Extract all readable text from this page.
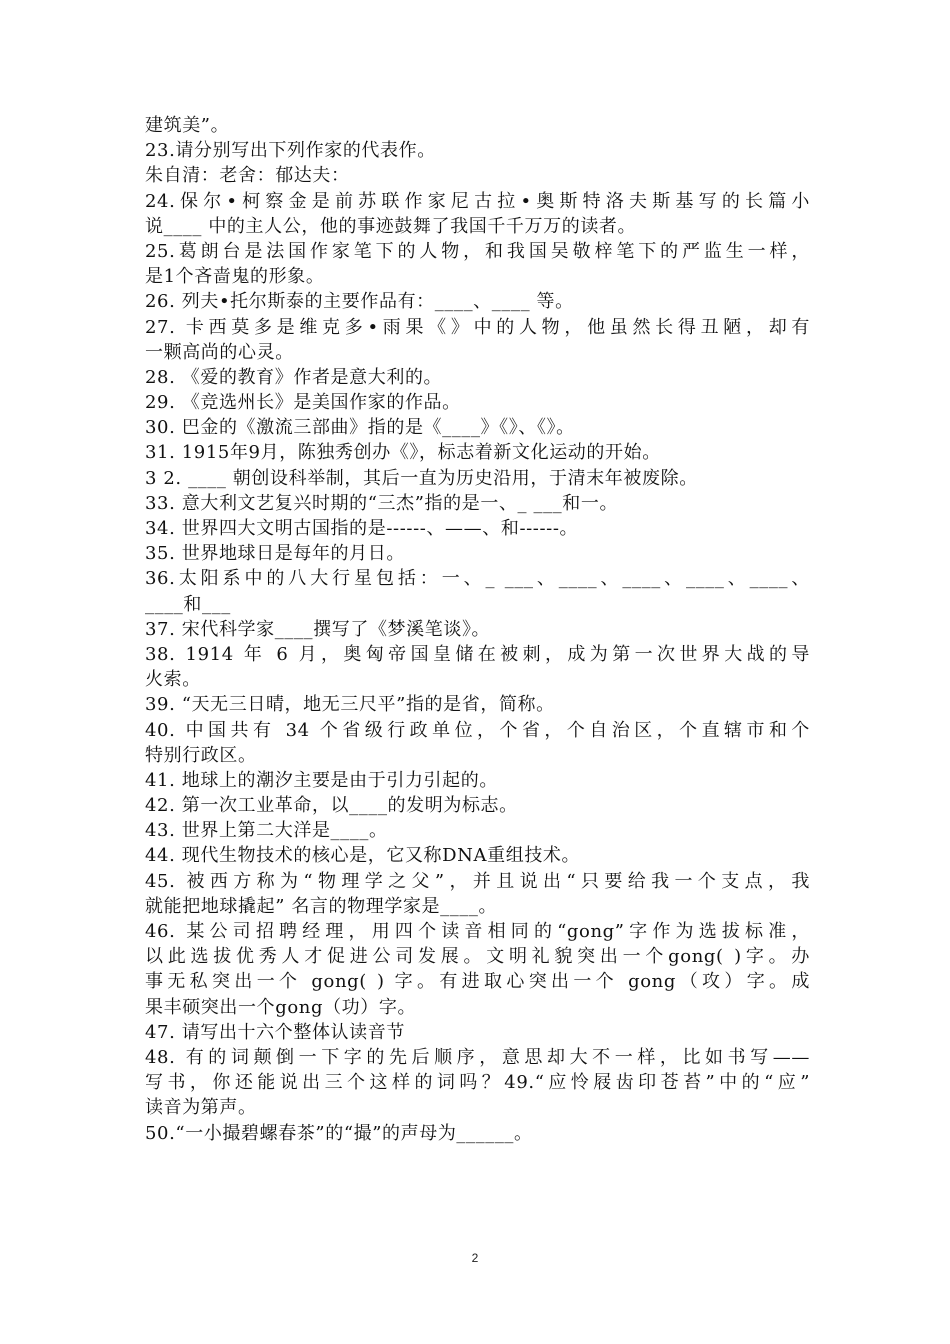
建筑美”。
23.请分别写出下列作家的代表作。
朱自清：老舍：郁达夫：
24.保尔•柯察金是前苏联作家尼古拉•奥斯特洛夫斯基写的长篇小
说____ 中的主人公，他的事迹鼓舞了我国千千万万的读者。
25.葛朗台是法国作家笔下的人物，和我国吴敬梓笔下的严监生一样，
是1个吝啬鬼的形象。
26. 列夫•托尔斯泰的主要作品有：____、____ 等。
27. 卡西莫多是维克多•雨果《》中的人物，他虽然长得丑陋，却有
一颗高尚的心灵。
28. 《爱的教育》作者是意大利的。
29. 《竞选州长》是美国作家的作品。
30. 巴金的《激流三部曲》指的是《____》《》、《》。
31. 1915年9月，陈独秀创办《》，标志着新文化运动的开始。
3 2. ____ 朝创设科举制，其后一直为历史沿用，于清末年被废除。
33. 意大利文艺复兴时期的“三杰”指的是一、_ ___和一。
34. 世界四大文明古国指的是------、——、和------。
35. 世界地球日是每年的月日。
36.太阳系中的八大行星包括：一、_ ___、____、____、____、____、
____和___
37. 宋代科学家____撰写了《梦溪笔谈》。
38. 1914 年 6 月，奥匈帝国皇储在被刺，成为第一次世界大战的导
火索。
39. “天无三日晴，地无三尺平”指的是省，简称。
40. 中国共有 34 个省级行政单位，个省，个自治区，个直辖市和个
特别行政区。
41. 地球上的潮汐主要是由于引力引起的。
42. 第一次工业革命，以____的发明为标志。
43. 世界上第二大洋是____。
44. 现代生物技术的核心是，它又称DNA重组技术。
45. 被西方称为“物理学之父”，并且说出“只要给我一个支点，我
就能把地球撬起” 名言的物理学家是____。
46. 某公司招聘经理，用四个读音相同的“gong”字作为选拔标准，
以此选拔优秀人才促进公司发展。文明礼貌突出一个gong( )字。办
事无私突出一个 gong( ) 字。有进取心突出一个 gong（攻）字。成
果丰硕突出一个gong（功）字。
47. 请写出十六个整体认读音节
48. 有的词颠倒一下字的先后顺序，意思却大不一样，比如书写——
写书，你还能说出三个这样的词吗？49.“应怜屐齿印苍苔”中的“应”
读音为第声。
50.“一小撮碧螺春茶”的“撮”的声母为______。
2
